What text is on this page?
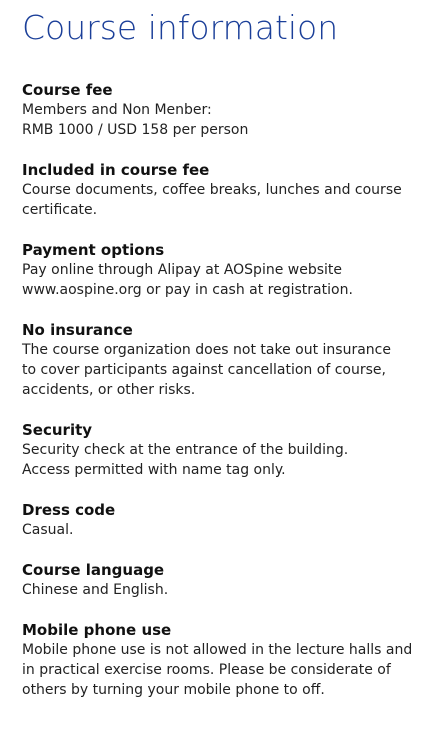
Course information

Course fee

Members and Non Menber:

RMB 1000 / USD 158 per person

Included in course fee

Course documents, coffee breaks, lunches and course

certificate.

Payment options

Pay online through Alipay at AOSpine website

www.aospine.org or pay in cash at registration.

No insurance

The course organization does not take out insurance

to cover participants against cancellation of course,

accidents, or other risks.

Security

Security check at the entrance of the building.

Access permitted with name tag only.

Dress code

Casual.

Course language

Chinese and English.

Mobile phone use

Mobile phone use is not allowed in the lecture halls and

in practical exercise rooms. Please be considerate of

others by turning your mobile phone to off.
